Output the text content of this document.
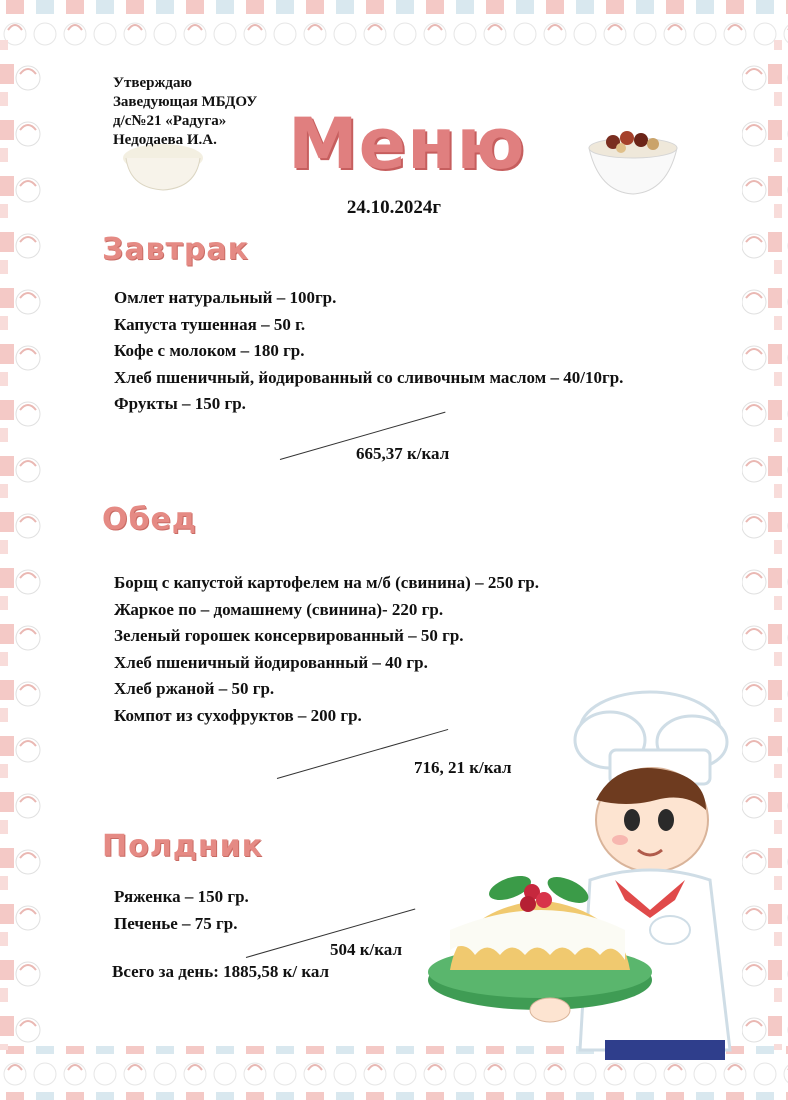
Утверждаю
Заведующая МБДОУ
д/с№21 «Радуга»
Недодаева И.А.	Меню
24.10.2024г
Завтрак
Омлет натуральный – 100гр.
Капуста тушенная – 50 г.
Кофе с молоком – 180 гр.
Хлеб пшеничный, йодированный со сливочным маслом – 40/10гр.
Фрукты – 150 гр.
665,37 к/кал
Обед
Борщ с капустой картофелем на м/б (свинина) – 250 гр.
Жаркое по – домашнему (свинина)- 220 гр.
Зеленый горошек консервированный – 50 гр.
Хлеб пшеничный йодированный – 40 гр.
Хлеб ржаной – 50 гр.
Компот из сухофруктов – 200 гр.
716, 21 к/кал
Полдник
Ряженка – 150 гр.
Печенье – 75 гр.
504 к/кал
Всего за день: 1885,58 к/ кал
